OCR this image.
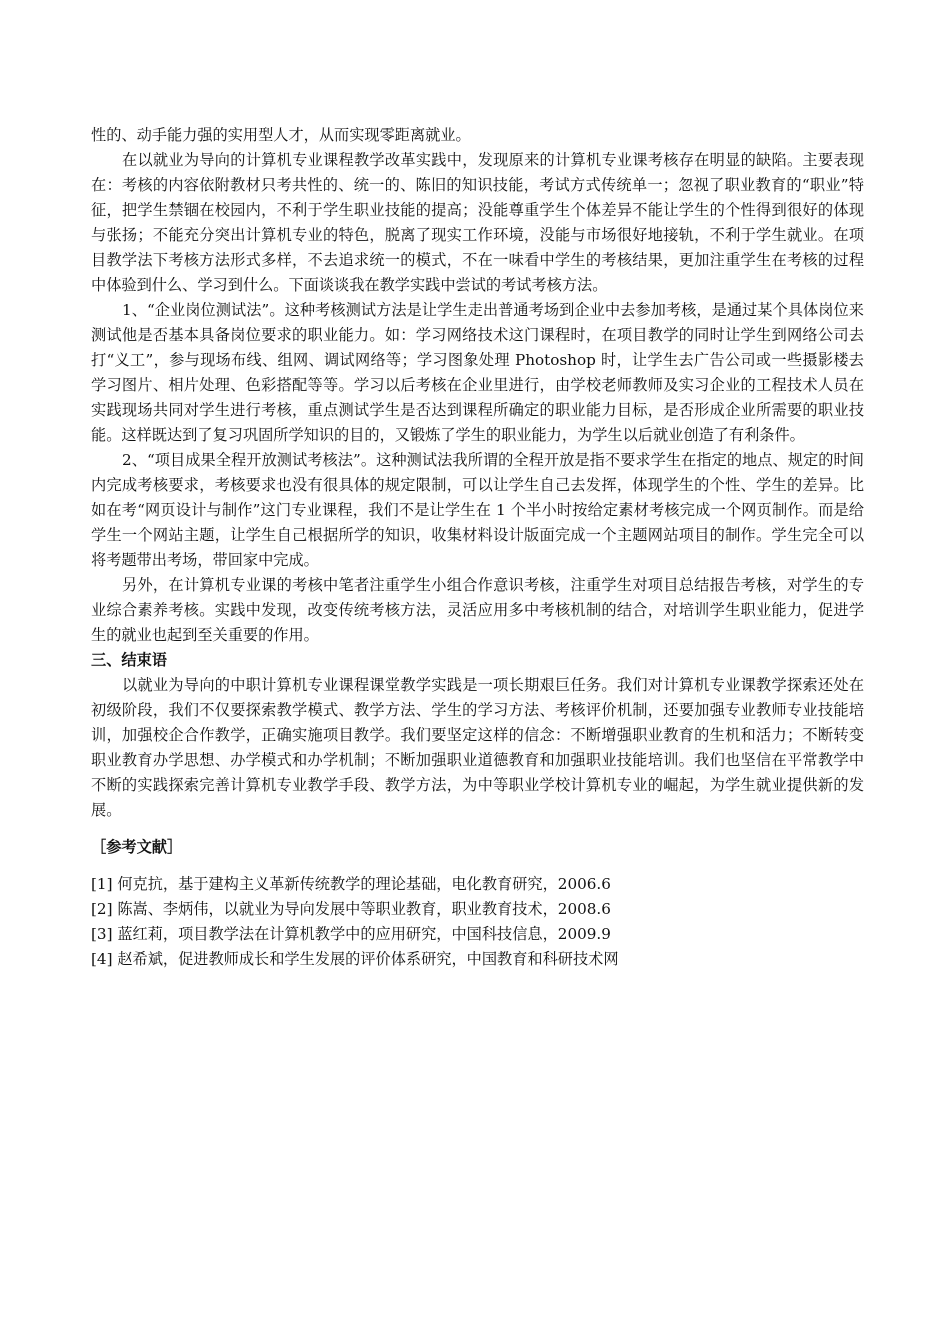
性的、动手能力强的实用型人才，从而实现零距离就业。

在以就业为导向的计算机专业课程教学改革实践中，发现原来的计算机专业课考核存在明显的缺陷。主要表现在：考核的内容依附教材只考共性的、统一的、陈旧的知识技能，考试方式传统单一；忽视了职业教育的“职业”特征，把学生禁锢在校园内，不利于学生职业技能的提高；没能尊重学生个体差异不能让学生的个性得到很好的体现与张扬；不能充分突出计算机专业的特色，脱离了现实工作环境，没能与市场很好地接轨，不利于学生就业。在项目教学法下考核方法形式多样，不去追求统一的模式，不在一味看中学生的考核结果，更加注重学生在考核的过程中体验到什么、学习到什么。下面谈谈我在教学实践中尝试的考试考核方法。

1、“企业岗位测试法”。这种考核测试方法是让学生走出普通考场到企业中去参加考核，是通过某个具体岗位来测试他是否基本具备岗位要求的职业能力。如：学习网络技术这门课程时，在项目教学的同时让学生到网络公司去打“义工”，参与现场布线、组网、调试网络等；学习图象处理 Photoshop 时，让学生去广告公司或一些摄影楼去学习图片、相片处理、色彩搭配等等。学习以后考核在企业里进行，由学校老师教师及实习企业的工程技术人员在实践现场共同对学生进行考核，重点测试学生是否达到课程所确定的职业能力目标，是否形成企业所需要的职业技能。这样既达到了复习巩固所学知识的目的，又锻炼了学生的职业能力，为学生以后就业创造了有利条件。

2、“项目成果全程开放测试考核法”。这种测试法我所谓的全程开放是指不要求学生在指定的地点、规定的时间内完成考核要求，考核要求也没有很具体的规定限制，可以让学生自己去发挥，体现学生的个性、学生的差异。比如在考“网页设计与制作”这门专业课程，我们不是让学生在 1 个半小时按给定素材考核完成一个网页制作。而是给学生一个网站主题，让学生自己根据所学的知识，收集材料设计版面完成一个主题网站项目的制作。学生完全可以将考题带出考场，带回家中完成。

另外，在计算机专业课的考核中笔者注重学生小组合作意识考核，注重学生对项目总结报告考核，对学生的专业综合素养考核。实践中发现，改变传统考核方法，灵活应用多中考核机制的结合，对培训学生职业能力，促进学生的就业也起到至关重要的作用。

三、结束语

以就业为导向的中职计算机专业课程课堂教学实践是一项长期艰巨任务。我们对计算机专业课教学探索还处在初级阶段，我们不仅要探索教学模式、教学方法、学生的学习方法、考核评价机制，还要加强专业教师专业技能培训，加强校企合作教学，正确实施项目教学。我们要坚定这样的信念：不断增强职业教育的生机和活力；不断转变职业教育办学思想、办学模式和办学机制；不断加强职业道德教育和加强职业技能培训。我们也坚信在平常教学中不断的实践探索完善计算机专业教学手段、教学方法，为中等职业学校计算机专业的崛起，为学生就业提供新的发展。

［参考文献］
[1] 何克抗，基于建构主义革新传统教学的理论基础，电化教育研究，2006.6
[2] 陈嵩、李炳伟，以就业为导向发展中等职业教育，职业教育技术，2008.6
[3] 蓝红莉，项目教学法在计算机教学中的应用研究，中国科技信息，2009.9
[4] 赵希斌，促进教师成长和学生发展的评价体系研究，中国教育和科研技术网
